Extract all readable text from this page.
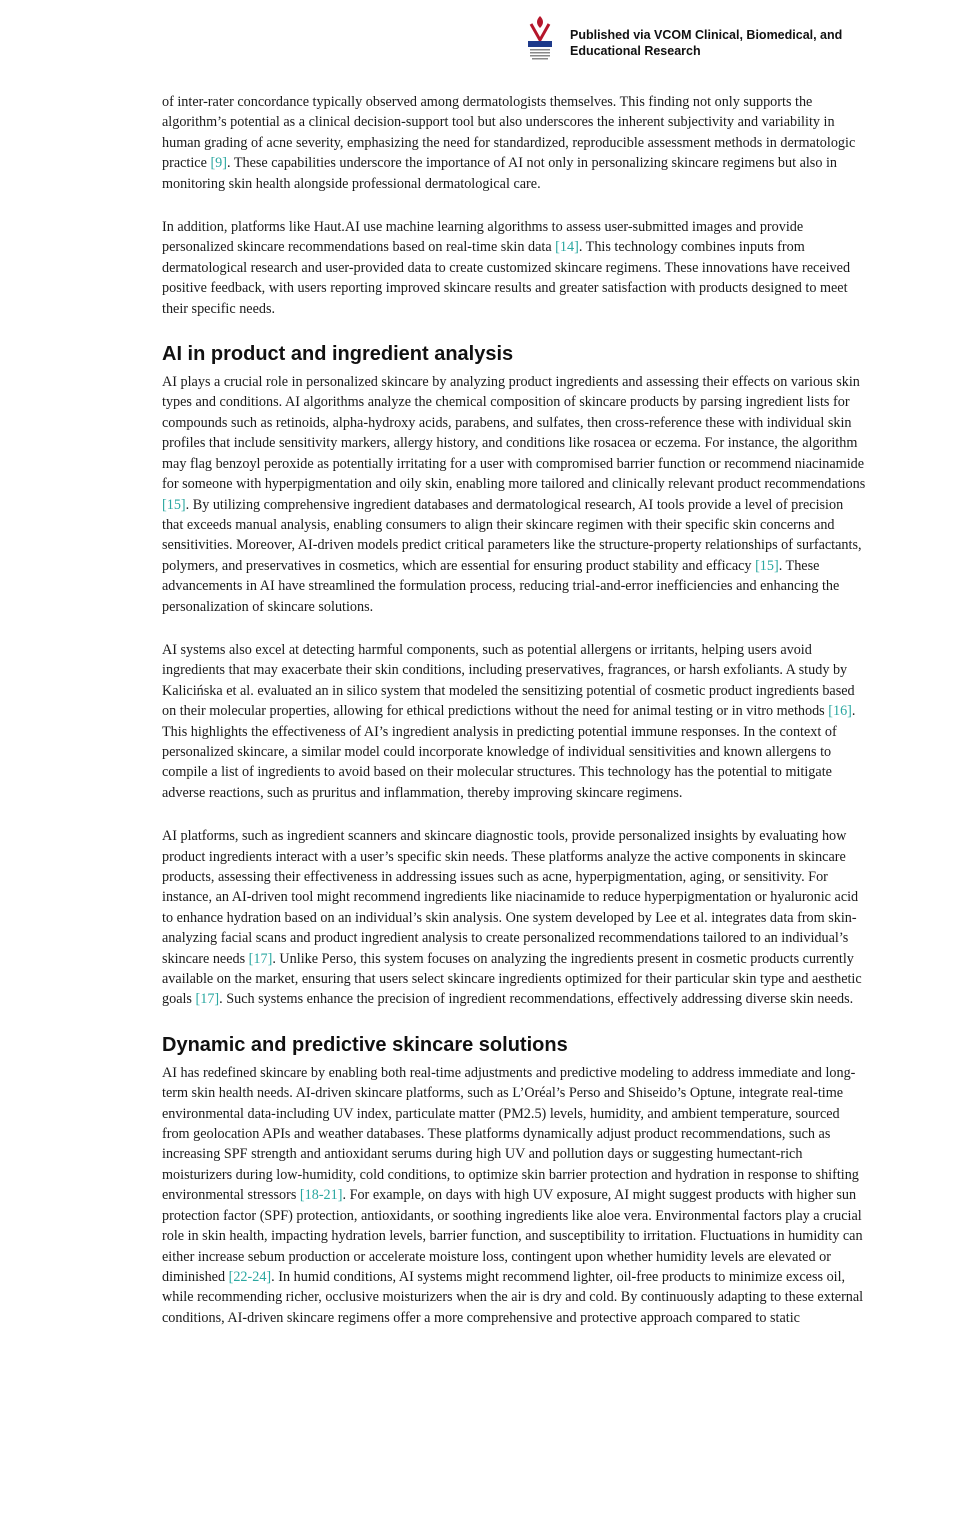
Published via VCOM Clinical, Biomedical, and
Educational Research

of inter-rater concordance typically observed among dermatologists themselves. This finding not only supports the algorithm’s potential as a clinical decision-support tool but also underscores the inherent subjectivity and variability in human grading of acne severity, emphasizing the need for standardized, reproducible assessment methods in dermatologic practice [9]. These capabilities underscore the importance of AI not only in personalizing skincare regimens but also in monitoring skin health alongside professional dermatological care.

In addition, platforms like Haut.AI use machine learning algorithms to assess user-submitted images and provide personalized skincare recommendations based on real-time skin data [14]. This technology combines inputs from dermatological research and user-provided data to create customized skincare regimens. These innovations have received positive feedback, with users reporting improved skincare results and greater satisfaction with products designed to meet their specific needs.

AI in product and ingredient analysis

AI plays a crucial role in personalized skincare by analyzing product ingredients and assessing their effects on various skin types and conditions. AI algorithms analyze the chemical composition of skincare products by parsing ingredient lists for compounds such as retinoids, alpha-hydroxy acids, parabens, and sulfates, then cross-reference these with individual skin profiles that include sensitivity markers, allergy history, and conditions like rosacea or eczema. For instance, the algorithm may flag benzoyl peroxide as potentially irritating for a user with compromised barrier function or recommend niacinamide for someone with hyperpigmentation and oily skin, enabling more tailored and clinically relevant product recommendations [15]. By utilizing comprehensive ingredient databases and dermatological research, AI tools provide a level of precision that exceeds manual analysis, enabling consumers to align their skincare regimen with their specific skin concerns and sensitivities. Moreover, AI-driven models predict critical parameters like the structure-property relationships of surfactants, polymers, and preservatives in cosmetics, which are essential for ensuring product stability and efficacy [15]. These advancements in AI have streamlined the formulation process, reducing trial-and-error inefficiencies and enhancing the personalization of skincare solutions.

AI systems also excel at detecting harmful components, such as potential allergens or irritants, helping users avoid ingredients that may exacerbate their skin conditions, including preservatives, fragrances, or harsh exfoliants. A study by Kalicińska et al. evaluated an in silico system that modeled the sensitizing potential of cosmetic product ingredients based on their molecular properties, allowing for ethical predictions without the need for animal testing or in vitro methods [16]. This highlights the effectiveness of AI’s ingredient analysis in predicting potential immune responses. In the context of personalized skincare, a similar model could incorporate knowledge of individual sensitivities and known allergens to compile a list of ingredients to avoid based on their molecular structures. This technology has the potential to mitigate adverse reactions, such as pruritus and inflammation, thereby improving skincare regimens.

AI platforms, such as ingredient scanners and skincare diagnostic tools, provide personalized insights by evaluating how product ingredients interact with a user’s specific skin needs. These platforms analyze the active components in skincare products, assessing their effectiveness in addressing issues such as acne, hyperpigmentation, aging, or sensitivity. For instance, an AI-driven tool might recommend ingredients like niacinamide to reduce hyperpigmentation or hyaluronic acid to enhance hydration based on an individual’s skin analysis. One system developed by Lee et al. integrates data from skin-analyzing facial scans and product ingredient analysis to create personalized recommendations tailored to an individual’s skincare needs [17]. Unlike Perso, this system focuses on analyzing the ingredients present in cosmetic products currently available on the market, ensuring that users select skincare ingredients optimized for their particular skin type and aesthetic goals [17]. Such systems enhance the precision of ingredient recommendations, effectively addressing diverse skin needs.

Dynamic and predictive skincare solutions

AI has redefined skincare by enabling both real-time adjustments and predictive modeling to address immediate and long-term skin health needs. AI-driven skincare platforms, such as L’Oréal’s Perso and Shiseido’s Optune, integrate real-time environmental data-including UV index, particulate matter (PM2.5) levels, humidity, and ambient temperature, sourced from geolocation APIs and weather databases. These platforms dynamically adjust product recommendations, such as increasing SPF strength and antioxidant serums during high UV and pollution days or suggesting humectant-rich moisturizers during low-humidity, cold conditions, to optimize skin barrier protection and hydration in response to shifting environmental stressors [18-21]. For example, on days with high UV exposure, AI might suggest products with higher sun protection factor (SPF) protection, antioxidants, or soothing ingredients like aloe vera. Environmental factors play a crucial role in skin health, impacting hydration levels, barrier function, and susceptibility to irritation. Fluctuations in humidity can either increase sebum production or accelerate moisture loss, contingent upon whether humidity levels are elevated or diminished [22-24]. In humid conditions, AI systems might recommend lighter, oil-free products to minimize excess oil, while recommending richer, occlusive moisturizers when the air is dry and cold. By continuously adapting to these external conditions, AI-driven skincare regimens offer a more comprehensive and protective approach compared to static
